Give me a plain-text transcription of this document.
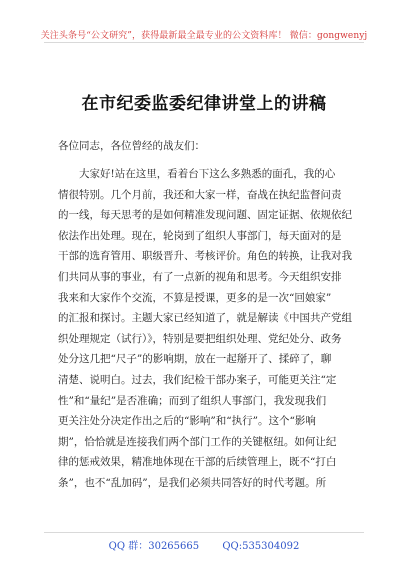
关注头条号“公文研究”，获得最新最全最专业的公文资料库！ 微信：gongwenyj
在市纪委监委纪律讲堂上的讲稿
各位同志，各位曾经的战友们：
大家好!站在这里，看着台下这么多熟悉的面孔，我的心
情很特别。几个月前，我还和大家一样，奋战在执纪监督问责
的一线，每天思考的是如何精准发现问题、固定证据、依规依纪
依法作出处理。现在，轮岗到了组织人事部门，每天面对的是
干部的选育管用、职级晋升、考核评价。角色的转换，让我对我
们共同从事的事业，有了一点新的视角和思考。今天组织安排
我来和大家作个交流，不算是授课，更多的是一次“回娘家”
的汇报和探讨。主题大家已经知道了，就是解读《中国共产党组
织处理规定（试行）》，特别是要把组织处理、党纪处分、政务
处分这几把“尺子”的影响期，放在一起掰开了、揉碎了，聊
清楚、说明白。过去，我们纪检干部办案子，可能更关注“定
性”和“量纪”是否准确；而到了组织人事部门，我发现我们
更关注处分决定作出之后的“影响”和“执行”。这个“影响
期”，恰恰就是连接我们两个部门工作的关键枢纽。如何让纪
律的惩戒效果，精准地体现在干部的后续管理上，既不“打白
条”，也不“乱加码”，是我们必须共同答好的时代考题。所
QQ 群：30265665 QQ:535304092
